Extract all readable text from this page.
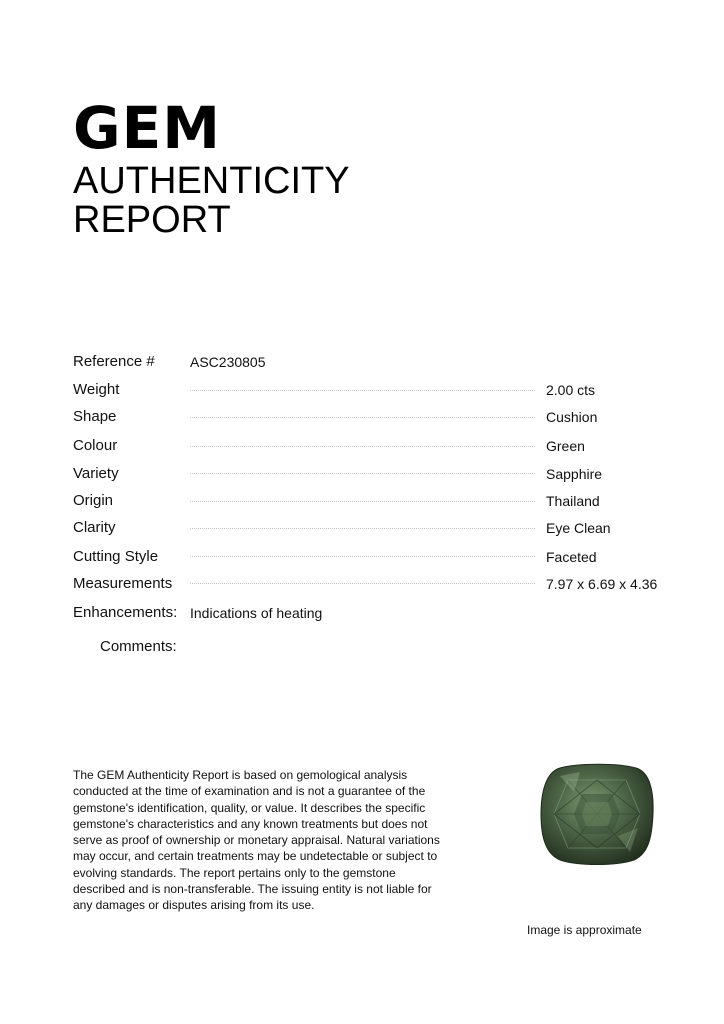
GEM
AUTHENTICITY
REPORT
Reference #	ASC230805
Weight	2.00 cts
Shape	Cushion
Colour	Green
Variety	Sapphire
Origin	Thailand
Clarity	Eye Clean
Cutting Style	Faceted
Measurements	7.97 x 6.69 x 4.36
Enhancements: Indications of heating
Comments:
The GEM Authenticity Report is based on gemological analysis conducted at the time of examination and is not a guarantee of the gemstone's identification, quality, or value. It describes the specific gemstone's characteristics and any known treatments but does not serve as proof of ownership or monetary appraisal. Natural variations may occur, and certain treatments may be undetectable or subject to evolving standards. The report pertains only to the gemstone described and is non-transferable. The issuing entity is not liable for any damages or disputes arising from its use.
Image is approximate
